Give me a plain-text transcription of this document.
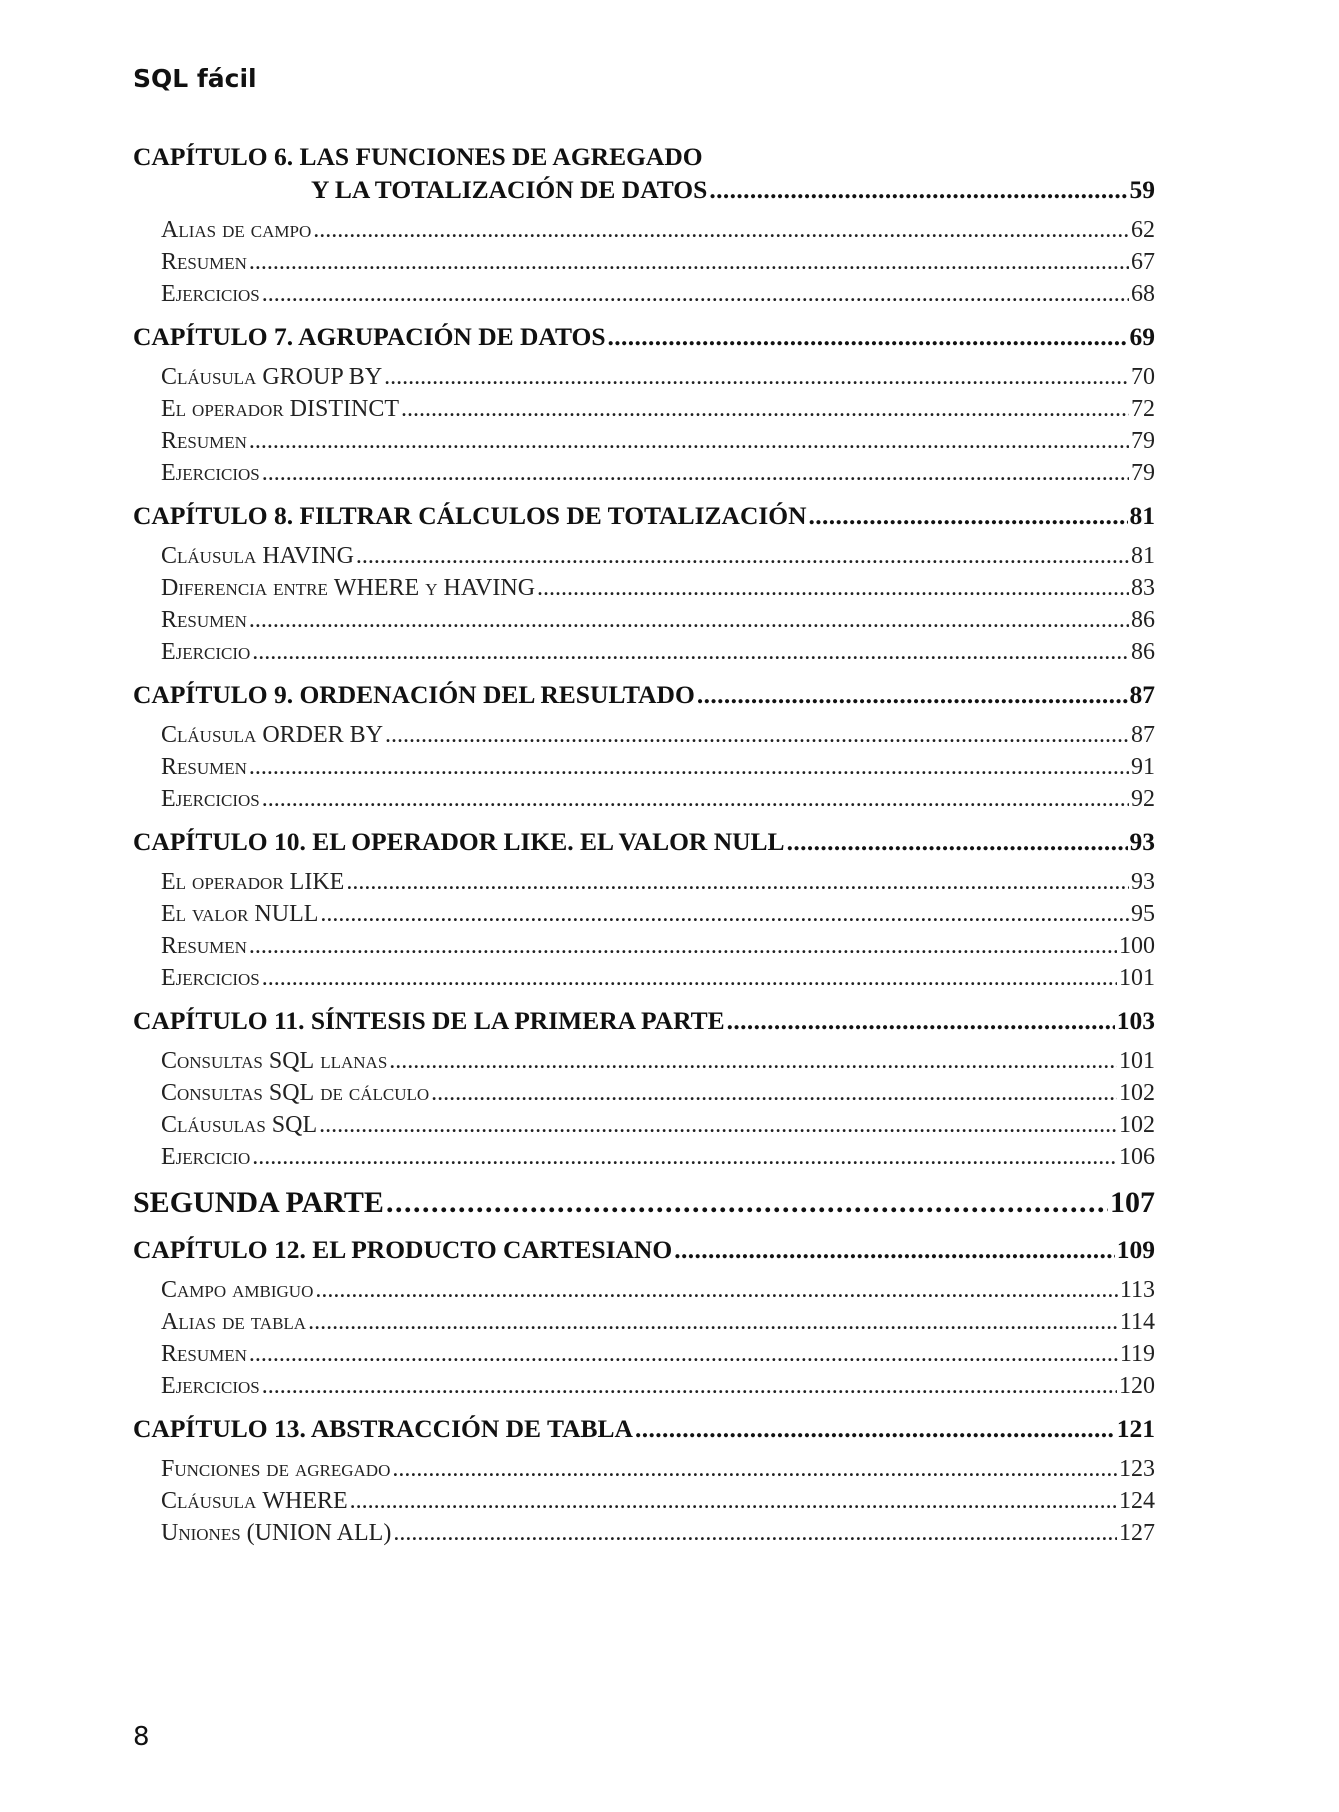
SQL fácil
CAPÍTULO 6. LAS FUNCIONES DE AGREGADO
Y LA TOTALIZACIÓN DE DATOS . . .	59
Alias de campo . . .	62
Resumen . . .	67
Ejercicios . . .	68
CAPÍTULO 7. AGRUPACIÓN DE DATOS . . .	69
Cláusula GROUP BY . . .	70
El operador DISTINCT . . .	72
Resumen . . .	79
Ejercicios . . .	79
CAPÍTULO 8. FILTRAR CÁLCULOS DE TOTALIZACIÓN . . .	81
Cláusula HAVING . . .	81
Diferencia entre WHERE y HAVING . . .	83
Resumen . . .	86
Ejercicio . . .	86
CAPÍTULO 9. ORDENACIÓN DEL RESULTADO . . .	87
Cláusula ORDER BY . . .	87
Resumen . . .	91
Ejercicios . . .	92
CAPÍTULO 10. EL OPERADOR LIKE. EL VALOR NULL . . .	93
El operador LIKE . . .	93
El valor NULL . . .	95
Resumen . . .	100
Ejercicios . . .	101
CAPÍTULO 11. SÍNTESIS DE LA PRIMERA PARTE . . .	103
Consultas SQL llanas . . .	101
Consultas SQL de cálculo . . .	102
Cláusulas SQL . . .	102
Ejercicio . . .	106
SEGUNDA PARTE . . .	107
CAPÍTULO 12. EL PRODUCTO CARTESIANO . . .	109
Campo ambiguo . . .	113
Alias de tabla . . .	114
Resumen . . .	119
Ejercicios . . .	120
CAPÍTULO 13. ABSTRACCIÓN DE TABLA . . .	121
Funciones de agregado . . .	123
Cláusula WHERE . . .	124
Uniones (UNION ALL) . . .	127
8
